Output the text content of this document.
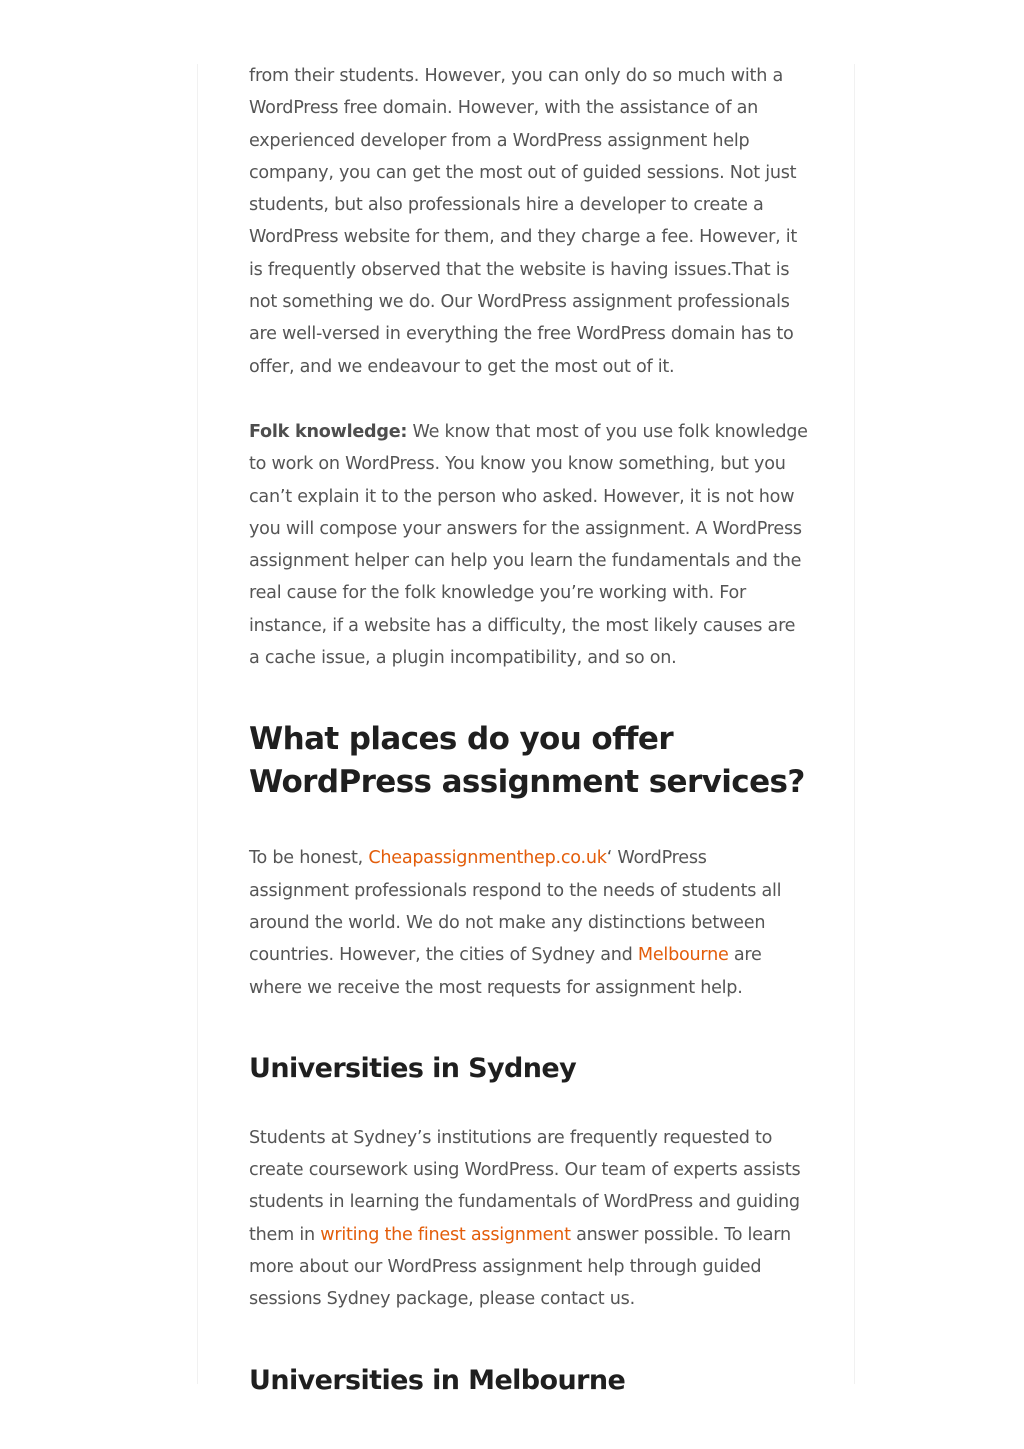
from their students. However, you can only do so much with a WordPress free domain. However, with the assistance of an experienced developer from a WordPress assignment help company, you can get the most out of guided sessions. Not just students, but also professionals hire a developer to create a WordPress website for them, and they charge a fee. However, it is frequently observed that the website is having issues.That is not something we do. Our WordPress assignment professionals are well-versed in everything the free WordPress domain has to offer, and we endeavour to get the most out of it.

Folk knowledge: We know that most of you use folk knowledge to work on WordPress. You know you know something, but you can’t explain it to the person who asked. However, it is not how you will compose your answers for the assignment. A WordPress assignment helper can help you learn the fundamentals and the real cause for the folk knowledge you’re working with. For instance, if a website has a difficulty, the most likely causes are a cache issue, a plugin incompatibility, and so on.

What places do you offer WordPress assignment services?

To be honest, Cheapassignmenthep.co.uk‘ WordPress assignment professionals respond to the needs of students all around the world. We do not make any distinctions between countries. However, the cities of Sydney and Melbourne are where we receive the most requests for assignment help.

Universities in Sydney

Students at Sydney’s institutions are frequently requested to create coursework using WordPress. Our team of experts assists students in learning the fundamentals of WordPress and guiding them in writing the finest assignment answer possible. To learn more about our WordPress assignment help through guided sessions Sydney package, please contact us.

Universities in Melbourne
